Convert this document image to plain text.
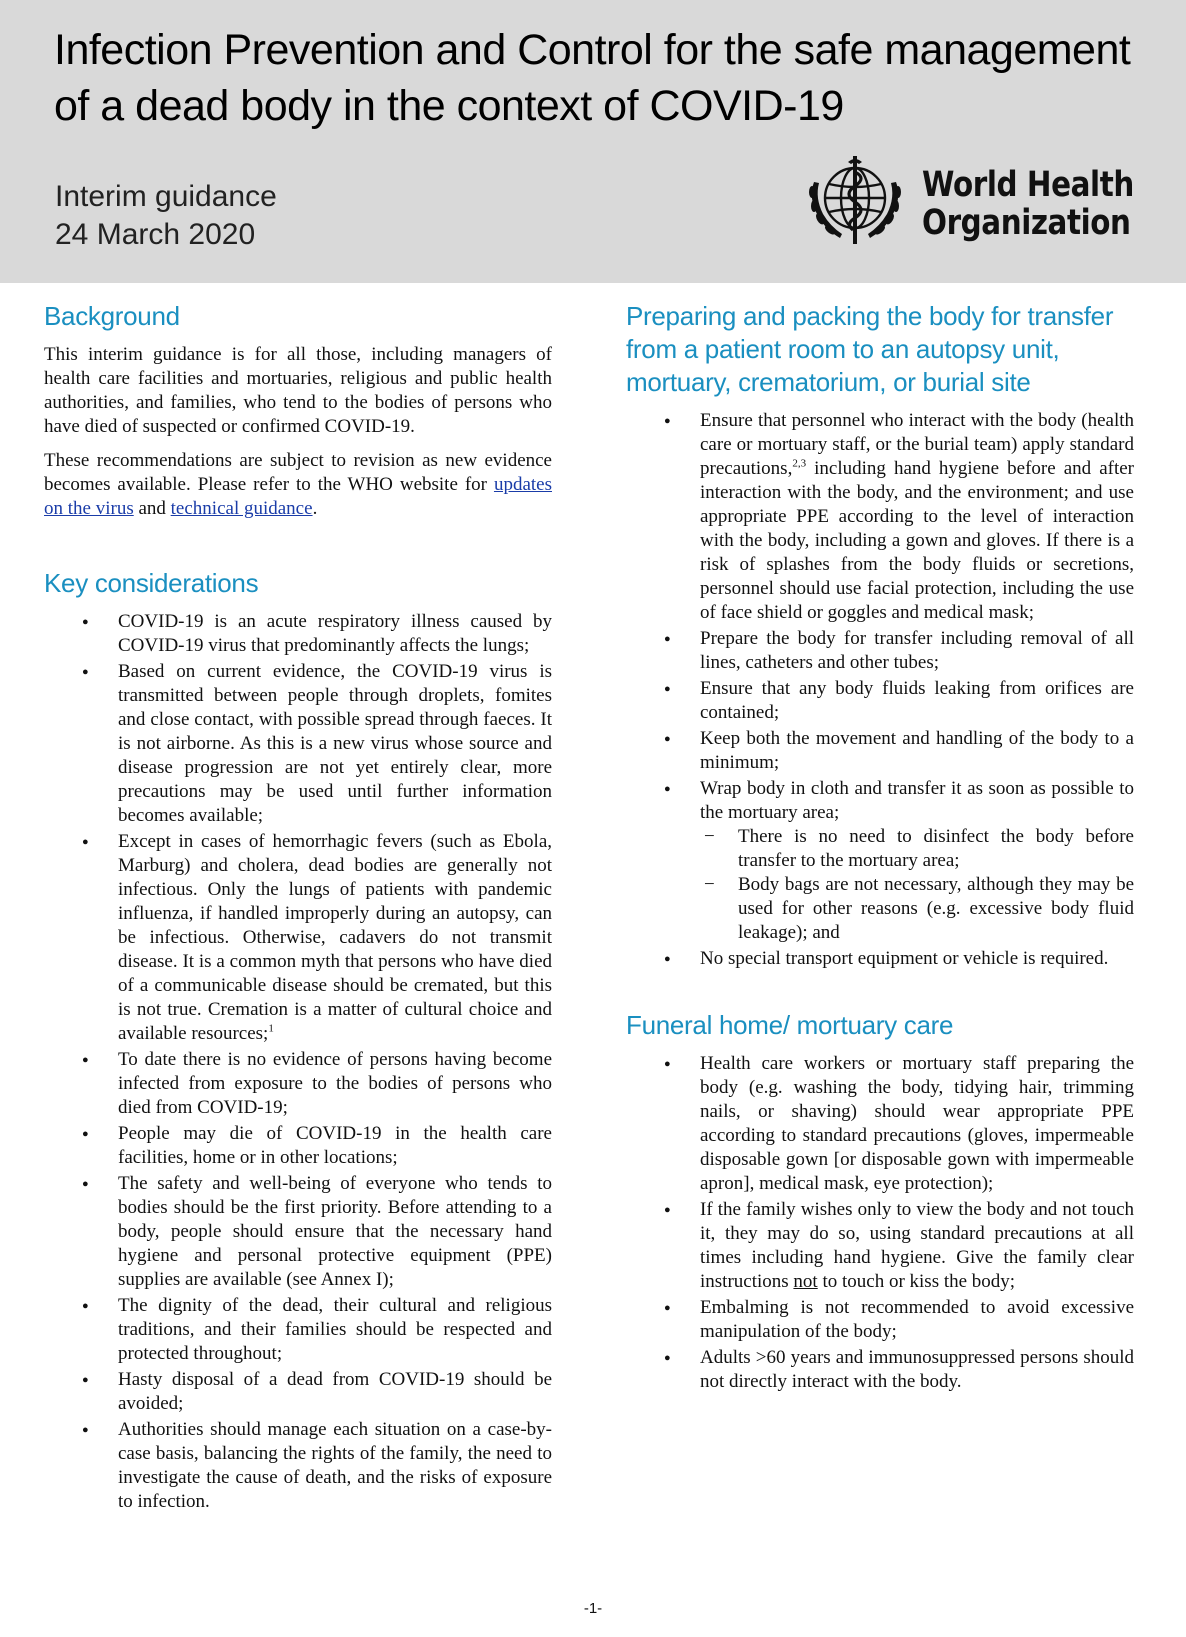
Infection Prevention and Control for the safe management of a dead body in the context of COVID-19
Interim guidance
24 March 2020
World Health
Organization
Background

This interim guidance is for all those, including managers of health care facilities and mortuaries, religious and public health authorities, and families, who tend to the bodies of persons who have died of suspected or confirmed COVID-19.

These recommendations are subject to revision as new evidence becomes available. Please refer to the WHO website for updates on the virus and technical guidance.

Key considerations
● COVID-19 is an acute respiratory illness caused by COVID-19 virus that predominantly affects the lungs;
● Based on current evidence, the COVID-19 virus is transmitted between people through droplets, fomites and close contact, with possible spread through faeces. It is not airborne. As this is a new virus whose source and disease progression are not yet entirely clear, more precautions may be used until further information becomes available;
● Except in cases of hemorrhagic fevers (such as Ebola, Marburg) and cholera, dead bodies are generally not infectious. Only the lungs of patients with pandemic influenza, if handled improperly during an autopsy, can be infectious. Otherwise, cadavers do not transmit disease. It is a common myth that persons who have died of a communicable disease should be cremated, but this is not true. Cremation is a matter of cultural choice and available resources;$^1$
● To date there is no evidence of persons having become infected from exposure to the bodies of persons who died from COVID-19;
● People may die of COVID-19 in the health care facilities, home or in other locations;
● The safety and well-being of everyone who tends to bodies should be the first priority. Before attending to a body, people should ensure that the necessary hand hygiene and personal protective equipment (PPE) supplies are available (see Annex I);
● The dignity of the dead, their cultural and religious traditions, and their families should be respected and protected throughout;
● Hasty disposal of a dead from COVID-19 should be avoided;
● Authorities should manage each situation on a case-by-case basis, balancing the rights of the family, the need to investigate the cause of death, and the risks of exposure to infection.
Preparing and packing the body for transfer from a patient room to an autopsy unit, mortuary, crematorium, or burial site
● Ensure that personnel who interact with the body (health care or mortuary staff, or the burial team) apply standard precautions,$^{2,3}$ including hand hygiene before and after interaction with the body, and the environment; and use appropriate PPE according to the level of interaction with the body, including a gown and gloves. If there is a risk of splashes from the body fluids or secretions, personnel should use facial protection, including the use of face shield or goggles and medical mask;
● Prepare the body for transfer including removal of all lines, catheters and other tubes;
● Ensure that any body fluids leaking from orifices are contained;
● Keep both the movement and handling of the body to a minimum;
● Wrap body in cloth and transfer it as soon as possible to the mortuary area;
− There is no need to disinfect the body before transfer to the mortuary area;
− Body bags are not necessary, although they may be used for other reasons (e.g. excessive body fluid leakage); and
● No special transport equipment or vehicle is required.
Funeral home/ mortuary care
● Health care workers or mortuary staff preparing the body (e.g. washing the body, tidying hair, trimming nails, or shaving) should wear appropriate PPE according to standard precautions (gloves, impermeable disposable gown [or disposable gown with impermeable apron], medical mask, eye protection);
● If the family wishes only to view the body and not touch it, they may do so, using standard precautions at all times including hand hygiene. Give the family clear instructions not to touch or kiss the body;
● Embalming is not recommended to avoid excessive manipulation of the body;
● Adults >60 years and immunosuppressed persons should not directly interact with the body.
-1-
